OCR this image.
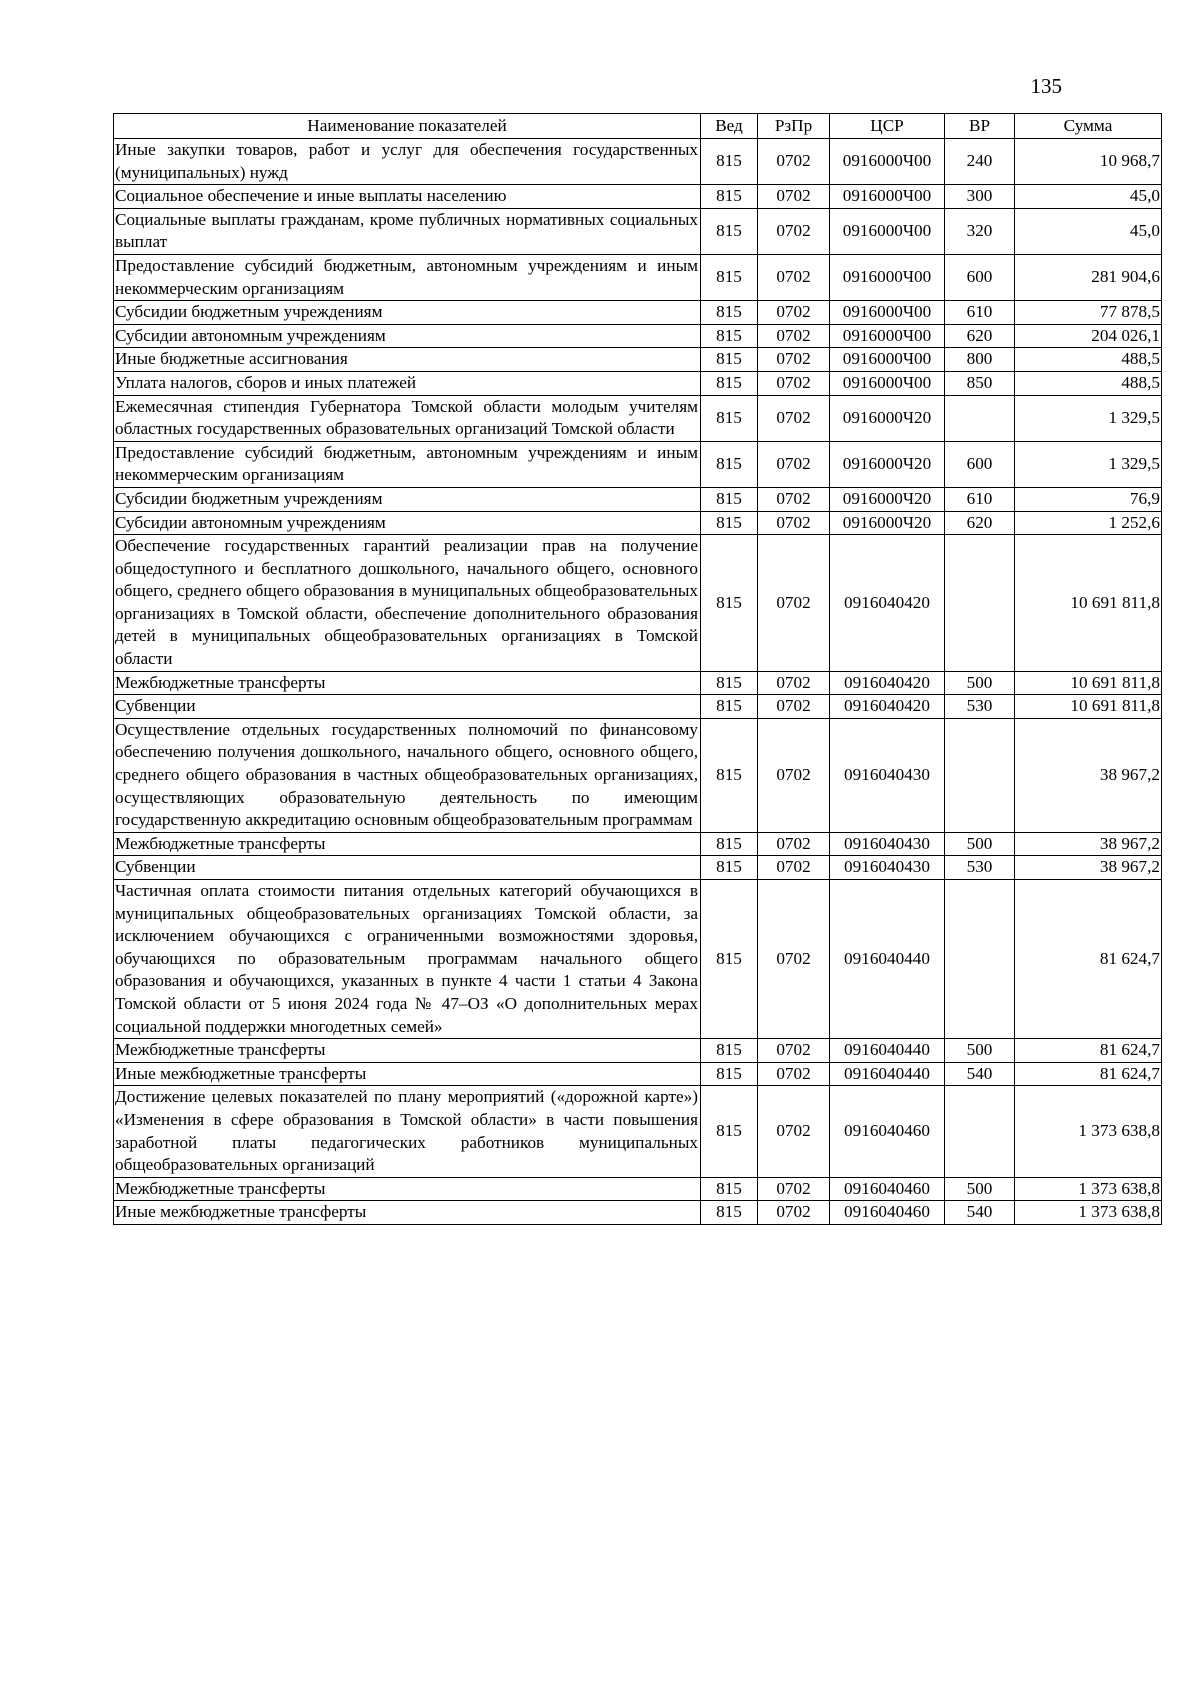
135
Наименование показателей	Вед	РзПр	ЦСР	ВР	Сумма
Иные закупки товаров, работ и услуг для обеспечения государственных (муниципальных) нужд	815	0702	0916000Ч00	240	10 968,7
Социальное обеспечение и иные выплаты населению	815	0702	0916000Ч00	300	45,0
Социальные выплаты гражданам, кроме публичных нормативных социальных выплат	815	0702	0916000Ч00	320	45,0
Предоставление субсидий бюджетным, автономным учреждениям и иным некоммерческим организациям	815	0702	0916000Ч00	600	281 904,6
Субсидии бюджетным учреждениям	815	0702	0916000Ч00	610	77 878,5
Субсидии автономным учреждениям	815	0702	0916000Ч00	620	204 026,1
Иные бюджетные ассигнования	815	0702	0916000Ч00	800	488,5
Уплата налогов, сборов и иных платежей	815	0702	0916000Ч00	850	488,5
Ежемесячная стипендия Губернатора Томской области молодым учителям областных государственных образовательных организаций Томской области	815	0702	0916000Ч20		1 329,5
Предоставление субсидий бюджетным, автономным учреждениям и иным некоммерческим организациям	815	0702	0916000Ч20	600	1 329,5
Субсидии бюджетным учреждениям	815	0702	0916000Ч20	610	76,9
Субсидии автономным учреждениям	815	0702	0916000Ч20	620	1 252,6
Обеспечение государственных гарантий реализации прав на получение общедоступного и бесплатного дошкольного, начального общего, основного общего, среднего общего образования в муниципальных общеобразовательных организациях в Томской области, обеспечение дополнительного образования детей в муниципальных общеобразовательных организациях в Томской области	815	0702	0916040420		10 691 811,8
Межбюджетные трансферты	815	0702	0916040420	500	10 691 811,8
Субвенции	815	0702	0916040420	530	10 691 811,8
Осуществление отдельных государственных полномочий по финансовому обеспечению получения дошкольного, начального общего, основного общего, среднего общего образования в частных общеобразовательных организациях, осуществляющих образовательную деятельность по имеющим государственную аккредитацию основным общеобразовательным программам	815	0702	0916040430		38 967,2
Межбюджетные трансферты	815	0702	0916040430	500	38 967,2
Субвенции	815	0702	0916040430	530	38 967,2
Частичная оплата стоимости питания отдельных категорий обучающихся в муниципальных общеобразовательных организациях Томской области, за исключением обучающихся с ограниченными возможностями здоровья, обучающихся по образовательным программам начального общего образования и обучающихся, указанных в пункте 4 части 1 статьи 4 Закона Томской области от 5 июня 2024 года № 47–ОЗ «О дополнительных мерах социальной поддержки многодетных семей»	815	0702	0916040440		81 624,7
Межбюджетные трансферты	815	0702	0916040440	500	81 624,7
Иные межбюджетные трансферты	815	0702	0916040440	540	81 624,7
Достижение целевых показателей по плану мероприятий («дорожной карте») «Изменения в сфере образования в Томской области» в части повышения заработной платы педагогических работников муниципальных общеобразовательных организаций	815	0702	0916040460		1 373 638,8
Межбюджетные трансферты	815	0702	0916040460	500	1 373 638,8
Иные межбюджетные трансферты	815	0702	0916040460	540	1 373 638,8
